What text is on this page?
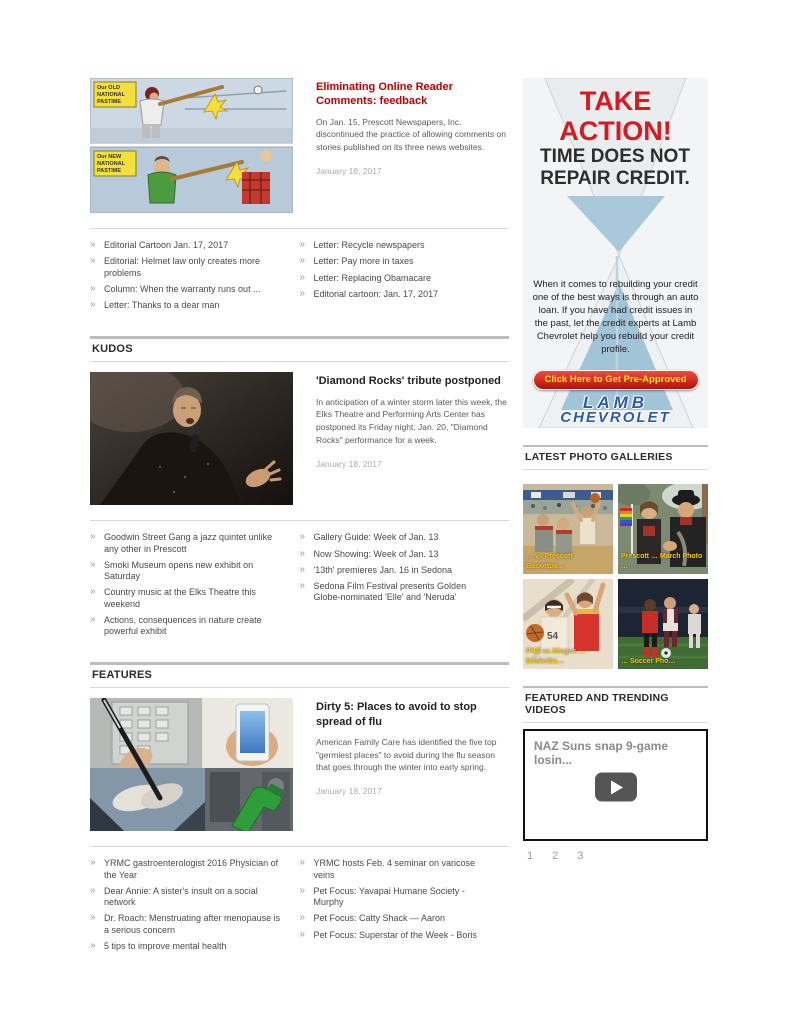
Our OLD
NATIONAL
PASTIME
Our NEW
NATIONAL
PASTIME
Eliminating Online Reader Comments: feedback
On Jan. 15, Prescott Newspapers, Inc. discontinued the practice of allowing comments on stories published on its three news websites.
January 18, 2017
» Editorial Cartoon Jan. 17, 2017
» Editorial: Helmet law only creates more problems
» Column: When the warranty runs out ...
» Letter: Thanks to a dear man
» Letter: Recycle newspapers
» Letter: Pay more in taxes
» Letter: Replacing Obamacare
» Editorial cartoon: Jan. 17, 2017
KUDOS
'Diamond Rocks' tribute postponed
In anticipation of a winter storm later this week, the Elks Theatre and Performing Arts Center has postponed its Friday night, Jan. 20, "Diamond Rocks" performance for a week.
January 18, 2017
» Goodwin Street Gang a jazz quintet unlike any other in Prescott
» Smoki Museum opens new exhibit on Saturday
» Country music at the Elks Theatre this weekend
» Actions, consequences in nature create powerful exhibit
» Gallery Guide: Week of Jan. 13
» Now Showing: Week of Jan. 13
» '13th' premieres Jan. 16 in Sedona
» Sedona Film Festival presents Golden Globe-nominated 'Elle' and 'Neruda'
FEATURES
Dirty 5: Places to avoid to stop spread of flu
American Family Care has identified the five top "germiest places" to avoid during the flu season that goes through the winter into early spring.
January 18, 2017
» YRMC gastroenterologist 2016 Physician of the Year
» Dear Annie: A sister's insult on a social network
» Dr. Roach: Menstruating after menopause is a serious concern
» 5 tips to improve mental health
» YRMC hosts Feb. 4 seminar on varicose veins
» Pet Focus: Yavapai Humane Society - Murphy
» Pet Focus: Catty Shack — Aaron
» Pet Focus: Superstar of the Week - Boris
TAKE ACTION!
TIME DOES NOT REPAIR CREDIT.
When it comes to rebuilding your credit one of the best ways is through an auto loan. If you have had credit issues in the past, let the credit experts at Lamb Chevrolet help you rebuild your credit profile.
Click Here to Get Pre-Approved
LAMB
CHEVROLET
LATEST PHOTO GALLERIES
… vs Prescott Basketba…
Prescott … March Photo …
54
PHS vs Mingus … Basketba…	… Soccer Pho…
FEATURED AND TRENDING VIDEOS
NAZ Suns snap 9-game losin...
1 2 3
